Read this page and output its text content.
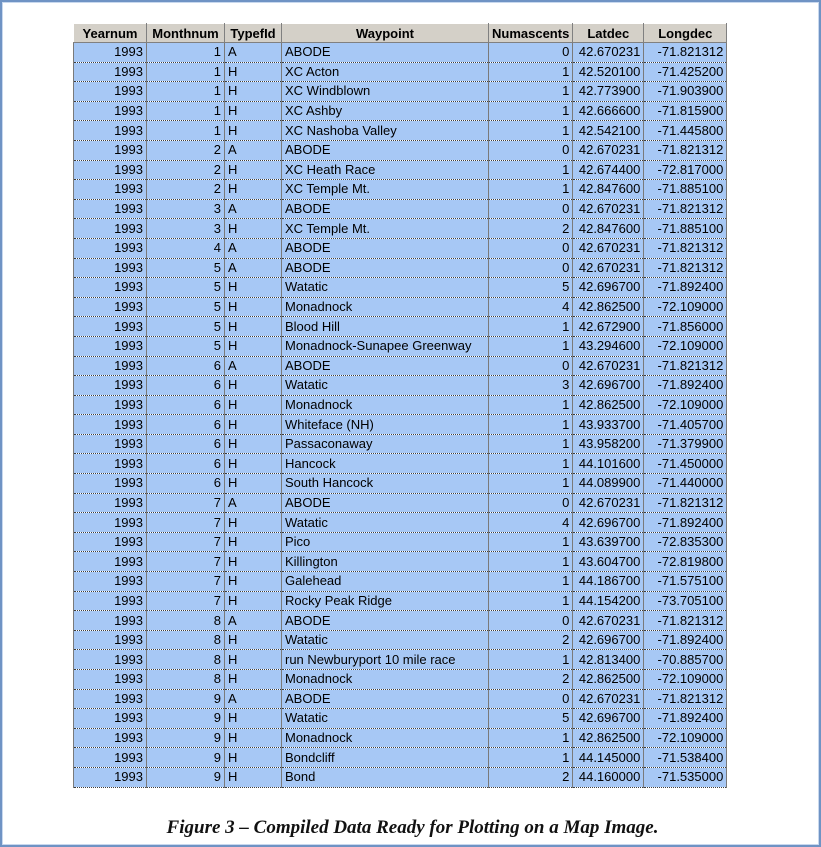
Yearnum	Monthnum	TypefId	Waypoint	Numascents	Latdec	Longdec
1993	1	A	ABODE	0	42.670231	-71.821312
1993	1	H	XC Acton	1	42.520100	-71.425200
1993	1	H	XC Windblown	1	42.773900	-71.903900
1993	1	H	XC Ashby	1	42.666600	-71.815900
1993	1	H	XC Nashoba Valley	1	42.542100	-71.445800
1993	2	A	ABODE	0	42.670231	-71.821312
1993	2	H	XC Heath Race	1	42.674400	-72.817000
1993	2	H	XC Temple Mt.	1	42.847600	-71.885100
1993	3	A	ABODE	0	42.670231	-71.821312
1993	3	H	XC Temple Mt.	2	42.847600	-71.885100
1993	4	A	ABODE	0	42.670231	-71.821312
1993	5	A	ABODE	0	42.670231	-71.821312
1993	5	H	Watatic	5	42.696700	-71.892400
1993	5	H	Monadnock	4	42.862500	-72.109000
1993	5	H	Blood Hill	1	42.672900	-71.856000
1993	5	H	Monadnock-Sunapee Greenway	1	43.294600	-72.109000
1993	6	A	ABODE	0	42.670231	-71.821312
1993	6	H	Watatic	3	42.696700	-71.892400
1993	6	H	Monadnock	1	42.862500	-72.109000
1993	6	H	Whiteface (NH)	1	43.933700	-71.405700
1993	6	H	Passaconaway	1	43.958200	-71.379900
1993	6	H	Hancock	1	44.101600	-71.450000
1993	6	H	South Hancock	1	44.089900	-71.440000
1993	7	A	ABODE	0	42.670231	-71.821312
1993	7	H	Watatic	4	42.696700	-71.892400
1993	7	H	Pico	1	43.639700	-72.835300
1993	7	H	Killington	1	43.604700	-72.819800
1993	7	H	Galehead	1	44.186700	-71.575100
1993	7	H	Rocky Peak Ridge	1	44.154200	-73.705100
1993	8	A	ABODE	0	42.670231	-71.821312
1993	8	H	Watatic	2	42.696700	-71.892400
1993	8	H	run Newburyport 10 mile race	1	42.813400	-70.885700
1993	8	H	Monadnock	2	42.862500	-72.109000
1993	9	A	ABODE	0	42.670231	-71.821312
1993	9	H	Watatic	5	42.696700	-71.892400
1993	9	H	Monadnock	1	42.862500	-72.109000
1993	9	H	Bondcliff	1	44.145000	-71.538400
1993	9	H	Bond	2	44.160000	-71.535000
Figure 3 – Compiled Data Ready for Plotting on a Map Image.
